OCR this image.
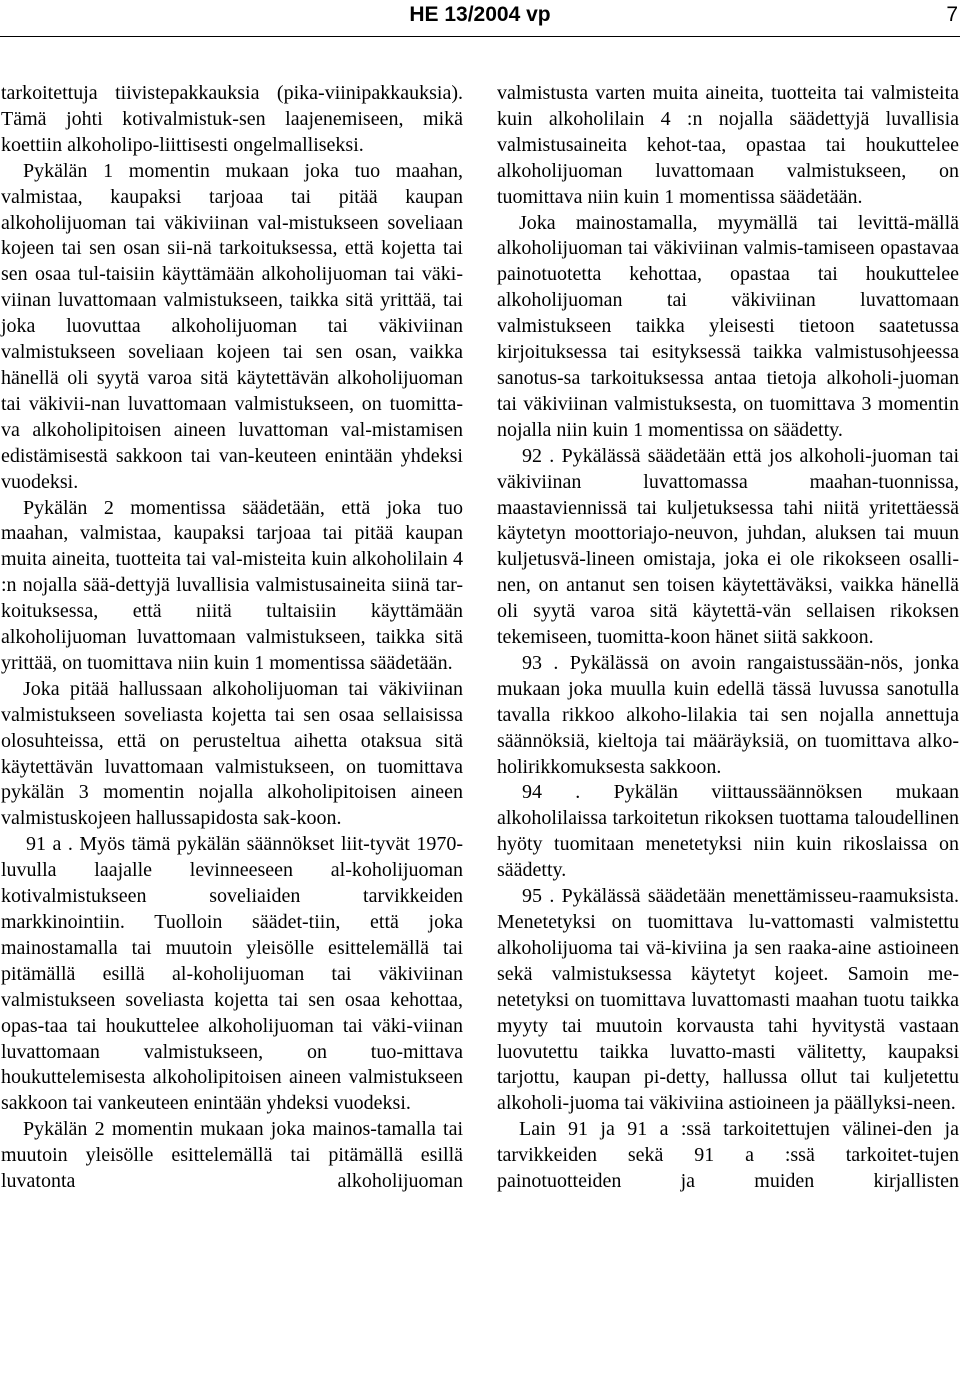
HE 13/2004 vp	7

tarkoitettuja tiivistepakkauksia (pika-viinipakkauksia). Tämä johti kotivalmistuk-sen laajenemiseen, mikä koettiin alkoholipo-liittisesti ongelmalliseksi.

Pykälän 1 momentin mukaan joka tuo maahan, valmistaa, kaupaksi tarjoaa tai pitää kaupan alkoholijuoman tai väkiviinan val-mistukseen soveliaan kojeen tai sen osan sii-nä tarkoituksessa, että kojetta tai sen osaa tul-taisiin käyttämään alkoholijuoman tai väki-viinan luvattomaan valmistukseen, taikka sitä yrittää, tai joka luovuttaa alkoholijuoman tai väkiviinan valmistukseen soveliaan kojeen tai sen osan, vaikka hänellä oli syytä varoa sitä käytettävän alkoholijuoman tai väkivii-nan luvattomaan valmistukseen, on tuomitta-va alkoholipitoisen aineen luvattoman val-mistamisen edistämisestä sakkoon tai van-keuteen enintään yhdeksi vuodeksi.

Pykälän 2 momentissa säädetään, että joka tuo maahan, valmistaa, kaupaksi tarjoaa tai pitää kaupan muita aineita, tuotteita tai val-misteita kuin alkoholilain 4 :n nojalla sää-dettyjä luvallisia valmistusaineita siinä tar-koituksessa, että niitä tultaisiin käyttämään alkoholijuoman luvattomaan valmistukseen, taikka sitä yrittää, on tuomittava niin kuin 1 momentissa säädetään.

Joka pitää hallussaan alkoholijuoman tai väkiviinan valmistukseen soveliasta kojetta tai sen osaa sellaisissa olosuhteissa, että on perusteltua aihetta otaksua sitä käytettävän luvattomaan valmistukseen, on tuomittava pykälän 3 momentin nojalla alkoholipitoisen aineen valmistuskojeen hallussapidosta sak-koon.

91 a . Myös tämä pykälän säännökset liit-tyvät 1970-luvulla laajalle levinneeseen al-koholijuoman kotivalmistukseen soveliaiden tarvikkeiden markkinointiin. Tuolloin säädet-tiin, että joka mainostamalla tai muutoin yleisölle esittelemällä tai pitämällä esillä al-koholijuoman tai väkiviinan valmistukseen soveliasta kojetta tai sen osaa kehottaa, opas-taa tai houkuttelee alkoholijuoman tai väki-viinan luvattomaan valmistukseen, on tuo-mittava houkuttelemisesta alkoholipitoisen aineen valmistukseen sakkoon tai vankeuteen enintään yhdeksi vuodeksi.

Pykälän 2 momentin mukaan joka mainos-tamalla tai muutoin yleisölle esittelemällä tai pitämällä esillä luvatonta alkoholijuoman

valmistusta varten muita aineita, tuotteita tai valmisteita kuin alkoholilain 4 :n nojalla säädettyjä luvallisia valmistusaineita kehot-taa, opastaa tai houkuttelee alkoholijuoman luvattomaan valmistukseen, on tuomittava niin kuin 1 momentissa säädetään.

Joka mainostamalla, myymällä tai levittä-mällä alkoholijuoman tai väkiviinan valmis-tamiseen opastavaa painotuotetta kehottaa, opastaa tai houkuttelee alkoholijuoman tai väkiviinan luvattomaan valmistukseen taikka yleisesti tietoon saatetussa kirjoituksessa tai esityksessä taikka valmistusohjeessa sanotus-sa tarkoituksessa antaa tietoja alkoholi-juoman tai väkiviinan valmistuksesta, on tuomittava 3 momentin nojalla niin kuin 1 momentissa on säädetty.

92 . Pykälässä säädetään että jos alkoholi-juoman tai väkiviinan luvattomassa maahan-tuonnissa, maastaviennissä tai kuljetuksessa tahi niitä yritettäessä käytetyn moottoriajo-neuvon, juhdan, aluksen tai muun kuljetusvä-lineen omistaja, joka ei ole rikokseen osalli-nen, on antanut sen toisen käytettäväksi, vaikka hänellä oli syytä varoa sitä käytettä-vän sellaisen rikoksen tekemiseen, tuomitta-koon hänet siitä sakkoon.

93 . Pykälässä on avoin rangaistussään-nös, jonka mukaan joka muulla kuin edellä tässä luvussa sanotulla tavalla rikkoo alkoho-lilakia tai sen nojalla annettuja säännöksiä, kieltoja tai määräyksiä, on tuomittava alko-holirikkomuksesta sakkoon.

94 . Pykälän viittaussäännöksen mukaan alkoholilaissa tarkoitetun rikoksen tuottama taloudellinen hyöty tuomitaan menetetyksi niin kuin rikoslaissa on säädetty.

95 . Pykälässä säädetään menettämisseu-raamuksista. Menetetyksi on tuomittava lu-vattomasti valmistettu alkoholijuoma tai vä-kiviina ja sen raaka-aine astioineen sekä valmistuksessa käytetyt kojeet. Samoin me-netetyksi on tuomittava luvattomasti maahan tuotu taikka myyty tai muutoin korvausta tahi hyvitystä vastaan luovutettu taikka luvatto-masti välitetty, kaupaksi tarjottu, kaupan pi-detty, hallussa ollut tai kuljetettu alkoholi-juoma tai väkiviina astioineen ja päällyksi-neen.

Lain 91 ja 91 a :ssä tarkoitettujen välinei-den ja tarvikkeiden sekä 91 a :ssä tarkoitet-tujen painotuotteiden ja muiden kirjallisten
